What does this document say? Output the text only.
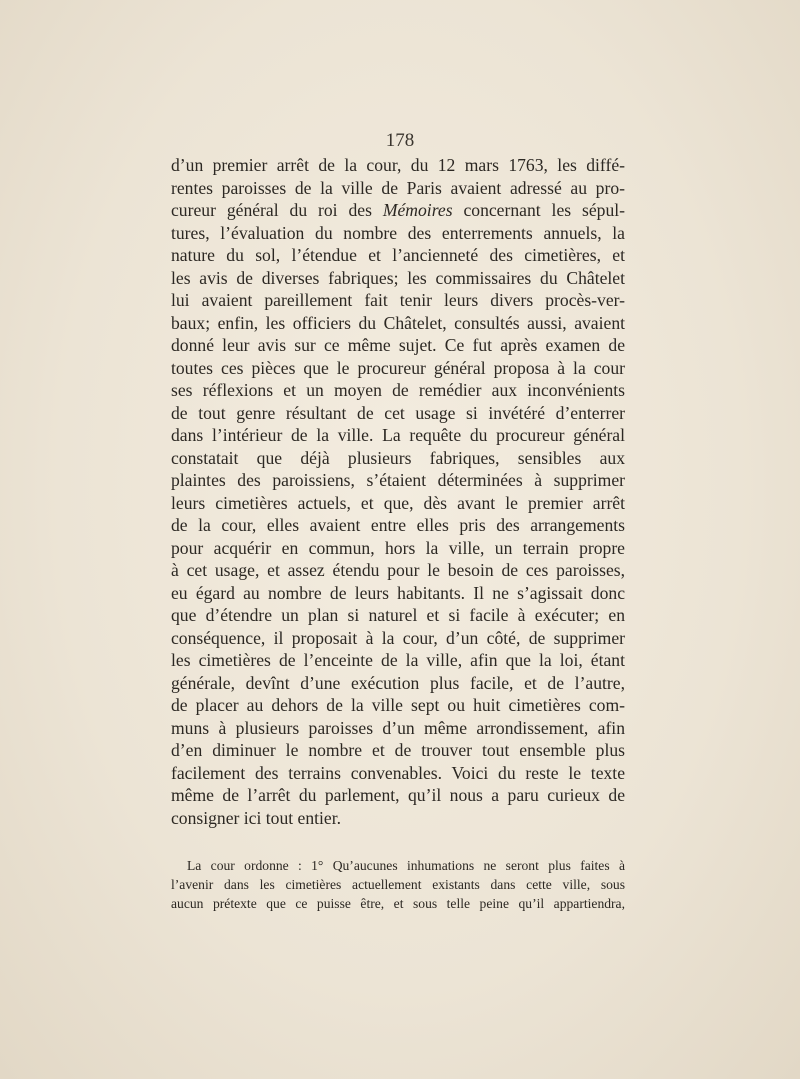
178
d’un premier arrêt de la cour, du 12 mars 1763, les diffé-
rentes paroisses de la ville de Paris avaient adressé au pro-
cureur général du roi des Mémoires concernant les sépul-
tures, l’évaluation du nombre des enterrements annuels, la
nature du sol, l’étendue et l’ancienneté des cimetières, et
les avis de diverses fabriques; les commissaires du Châtelet
lui avaient pareillement fait tenir leurs divers procès-ver-
baux; enfin, les officiers du Châtelet, consultés aussi, avaient
donné leur avis sur ce même sujet. Ce fut après examen de
toutes ces pièces que le procureur général proposa à la cour
ses réflexions et un moyen de remédier aux inconvénients
de tout genre résultant de cet usage si invétéré d’enterrer
dans l’intérieur de la ville. La requête du procureur général
constatait que déjà plusieurs fabriques, sensibles aux
plaintes des paroissiens, s’étaient déterminées à supprimer
leurs cimetières actuels, et que, dès avant le premier arrêt
de la cour, elles avaient entre elles pris des arrangements
pour acquérir en commun, hors la ville, un terrain propre
à cet usage, et assez étendu pour le besoin de ces paroisses,
eu égard au nombre de leurs habitants. Il ne s’agissait donc
que d’étendre un plan si naturel et si facile à exécuter; en
conséquence, il proposait à la cour, d’un côté, de supprimer
les cimetières de l’enceinte de la ville, afin que la loi, étant
générale, devînt d’une exécution plus facile, et de l’autre,
de placer au dehors de la ville sept ou huit cimetières com-
muns à plusieurs paroisses d’un même arrondissement, afin
d’en diminuer le nombre et de trouver tout ensemble plus
facilement des terrains convenables. Voici du reste le texte
même de l’arrêt du parlement, qu’il nous a paru curieux de
consigner ici tout entier.
La cour ordonne : 1° Qu’aucunes inhumations ne seront plus faites à
l’avenir dans les cimetières actuellement existants dans cette ville, sous
aucun prétexte que ce puisse être, et sous telle peine qu’il appartiendra,
